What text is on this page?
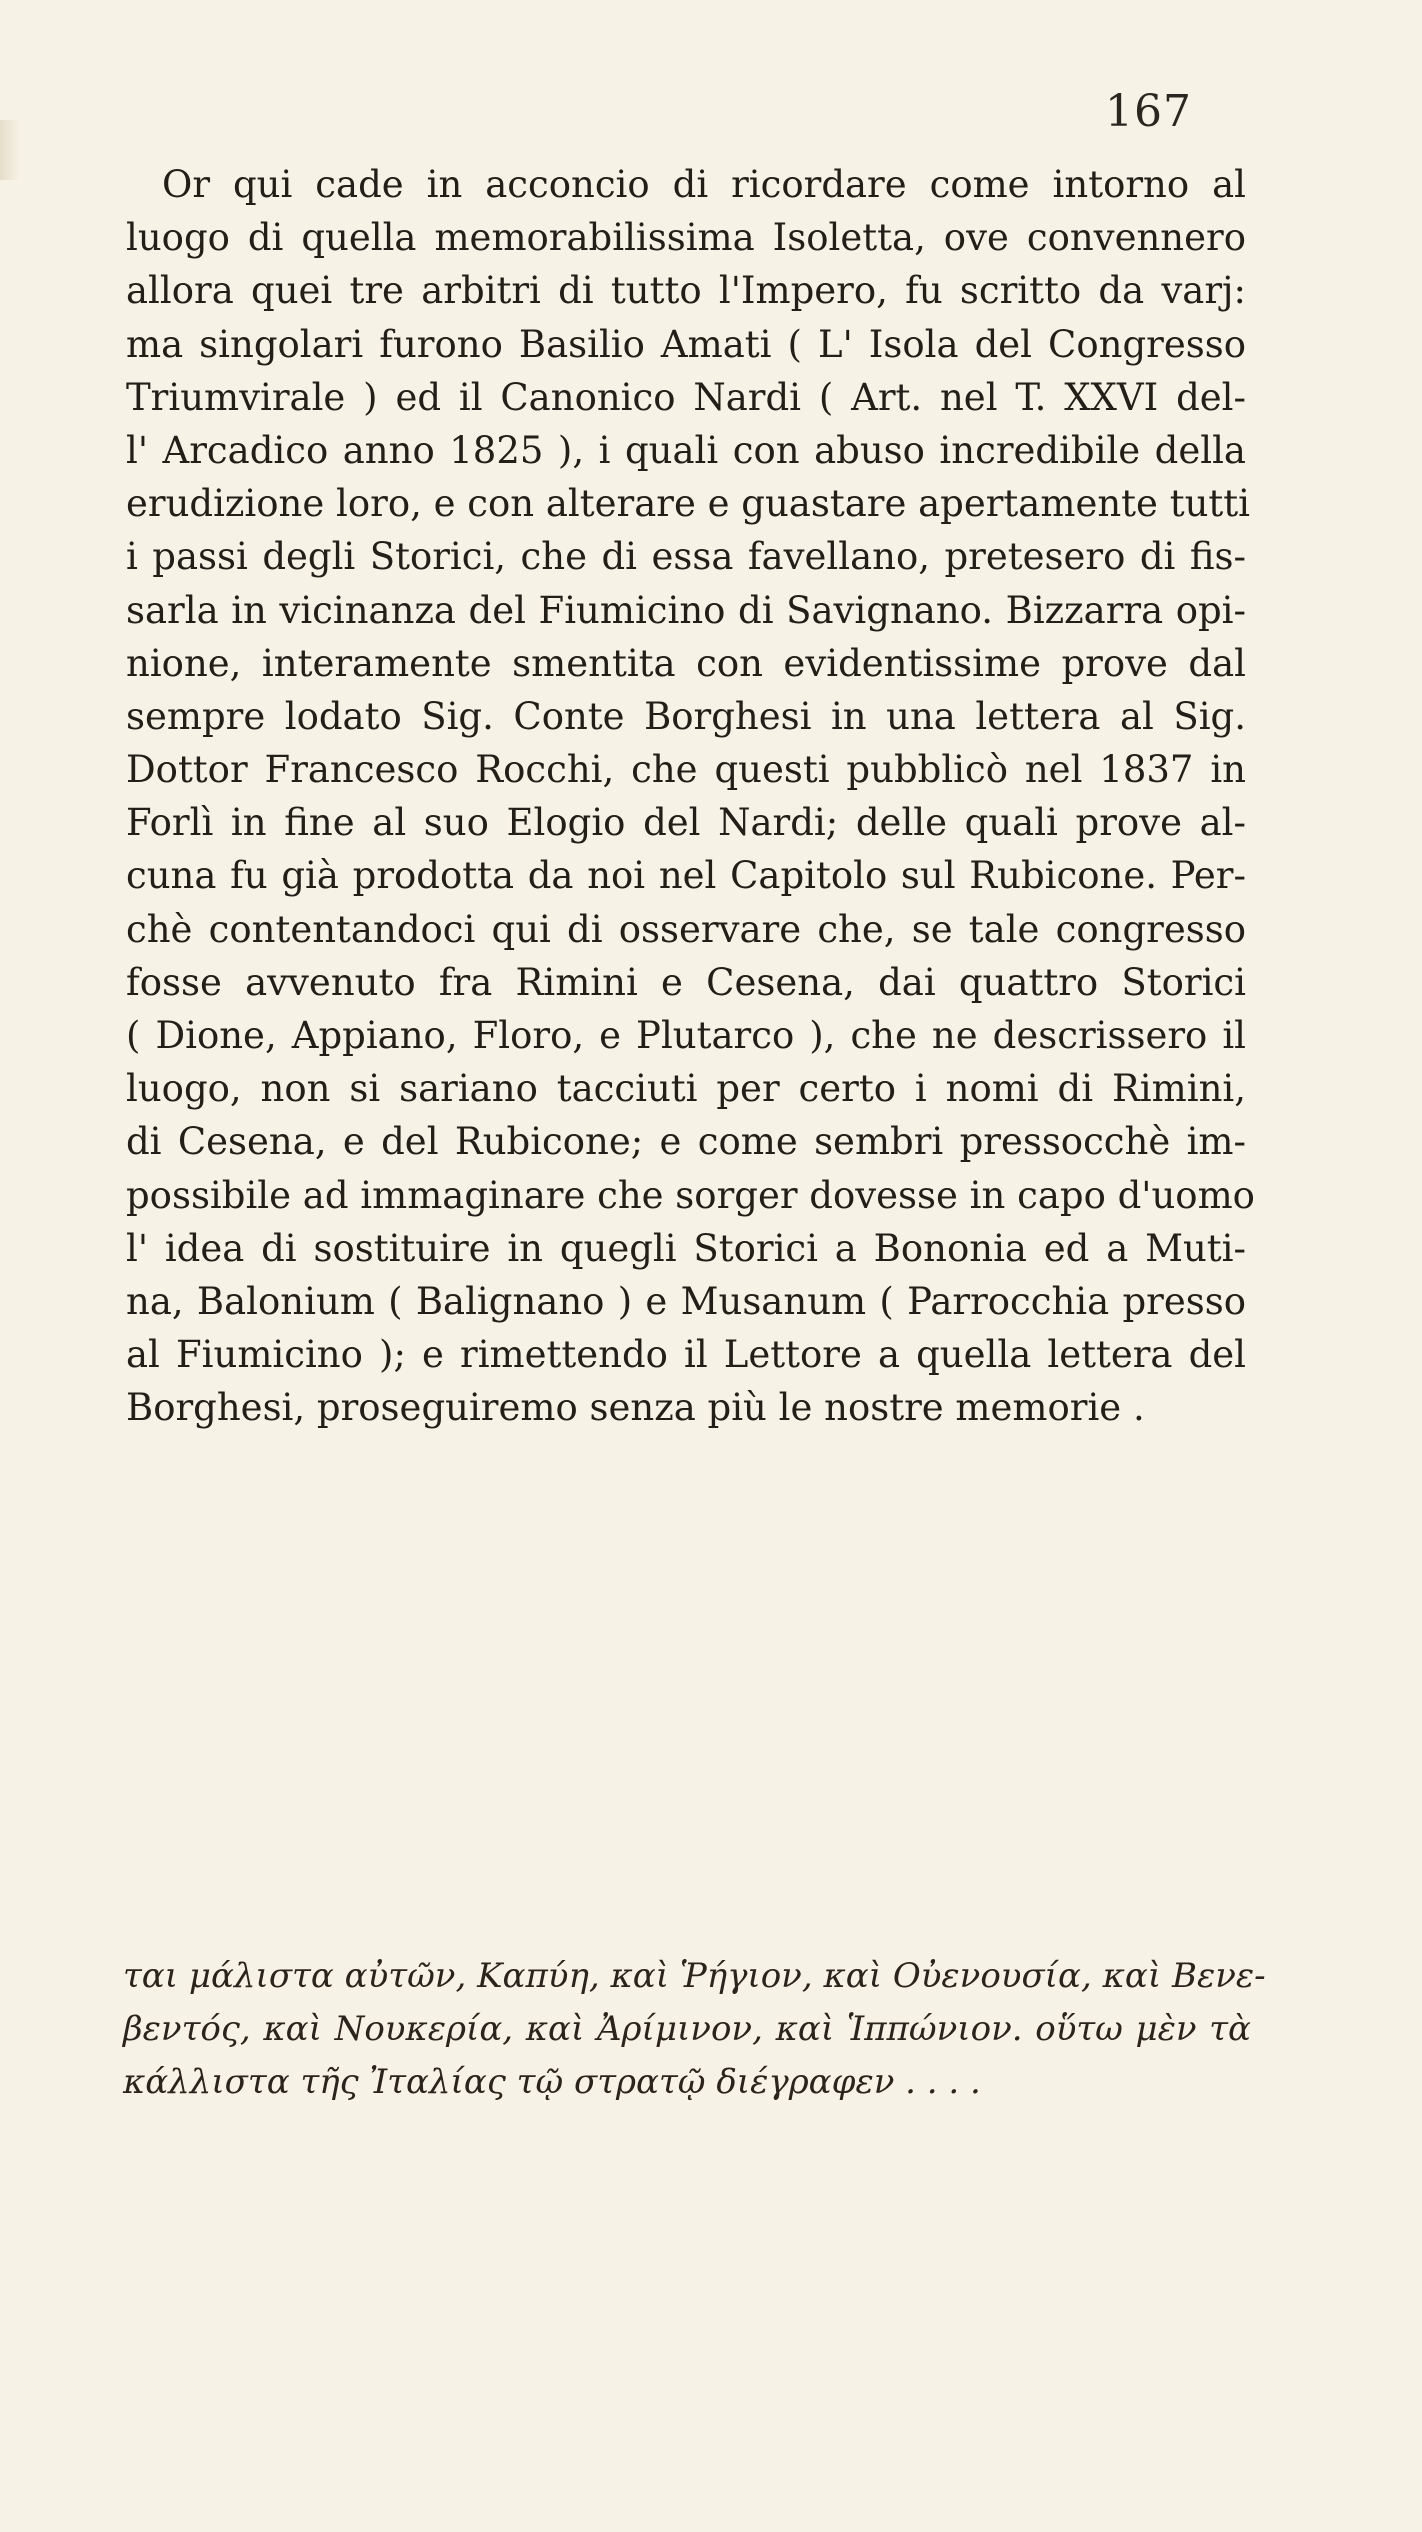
167
Or qui cade in acconcio di ricordare come intorno al
luogo di quella memorabilissima Isoletta, ove convennero
allora quei tre arbitri di tutto l'Impero, fu scritto da varj:
ma singolari furono Basilio Amati ( L' Isola del Congresso
Triumvirale ) ed il Canonico Nardi ( Art. nel T. XXVI del-
l' Arcadico anno 1825 ), i quali con abuso incredibile della
erudizione loro, e con alterare e guastare apertamente tutti
i passi degli Storici, che di essa favellano, pretesero di fis-
sarla in vicinanza del Fiumicino di Savignano. Bizzarra opi-
nione, interamente smentita con evidentissime prove dal
sempre lodato Sig. Conte Borghesi in una lettera al Sig.
Dottor Francesco Rocchi, che questi pubblicò nel 1837 in
Forlì in fine al suo Elogio del Nardi; delle quali prove al-
cuna fu già prodotta da noi nel Capitolo sul Rubicone. Per-
chè contentandoci qui di osservare che, se tale congresso
fosse avvenuto fra Rimini e Cesena, dai quattro Storici
( Dione, Appiano, Floro, e Plutarco ), che ne descrissero il
luogo, non si sariano tacciuti per certo i nomi di Rimini,
di Cesena, e del Rubicone; e come sembri pressocchè im-
possibile ad immaginare che sorger dovesse in capo d'uomo
l' idea di sostituire in quegli Storici a Bononia ed a Muti-
na, Balonium ( Balignano ) e Musanum ( Parrocchia presso
al Fiumicino ); e rimettendo il Lettore a quella lettera del
Borghesi, proseguiremo senza più le nostre memorie .
ται μάλιστα αὐτῶν, Καπύη, καὶ Ῥήγιον, καὶ Οὐενουσία, καὶ Βενε-
βεντός, καὶ Νουκερία, καὶ Ἀρίμινον, καὶ Ἱππώνιον. οὕτω μὲν τὰ
κάλλιστα τῆς Ἰταλίας τῷ στρατῷ διέγραφεν . . . .
